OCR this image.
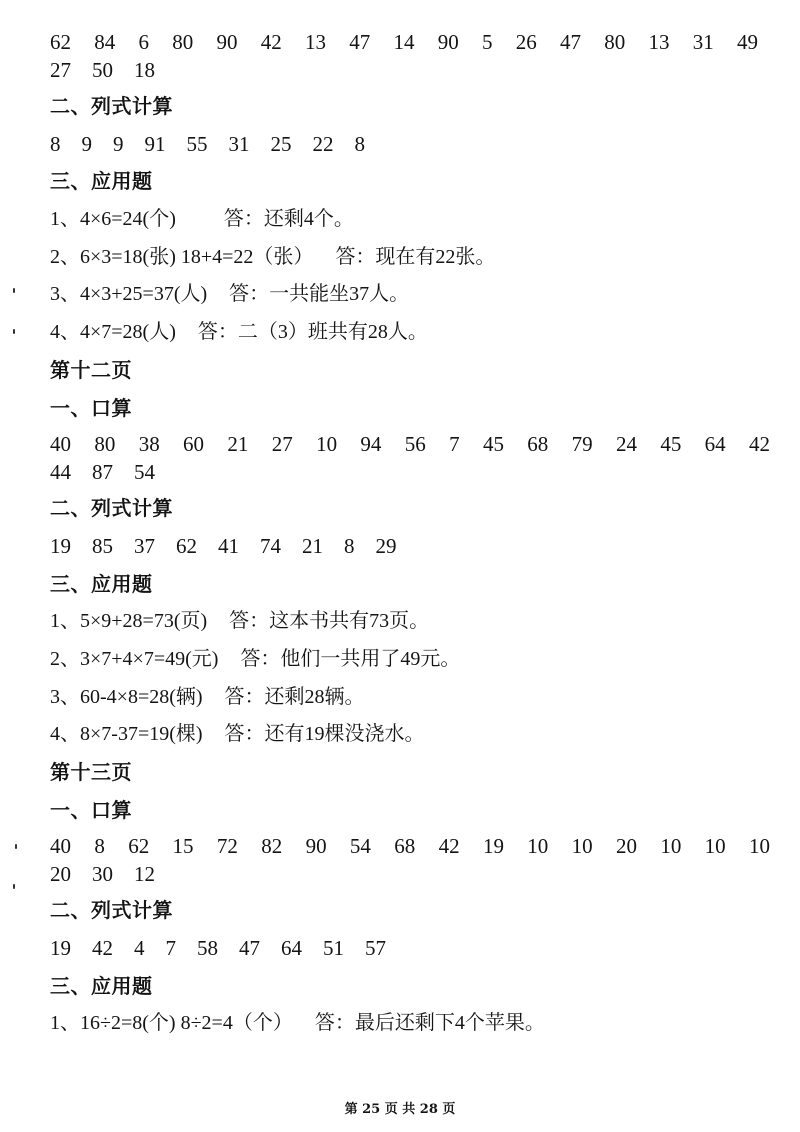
62 84 6 80 90 42 13 47 14 90 5 26 47 80 13 31 49
27 50 18
二、列式计算
8 9 9 91 55 31 25 22 8
三、应用题
1、4×6=24(个) 答：还剩4个。
2、6×3=18(张) 18+4=22（张） 答：现在有22张。
3、4×3+25=37(人) 答：一共能坐37人。
4、4×7=28(人) 答：二（3）班共有28人。
第十二页
一、口算
40 80 38 60 21 27 10 94 56 7 45 68 79 24 45 64 42
44 87 54
二、列式计算
19 85 37 62 41 74 21 8 29
三、应用题
1、5×9+28=73(页) 答：这本书共有73页。
2、3×7+4×7=49(元) 答：他们一共用了49元。
3、60-4×8=28(辆) 答：还剩28辆。
4、8×7-37=19(棵) 答：还有19棵没浇水。
第十三页
一、口算
40 8 62 15 72 82 90 54 68 42 19 10 10 20 10 10 10
20 30 12
二、列式计算
19 42 4 7 58 47 64 51 57
三、应用题
1、16÷2=8(个) 8÷2=4（个） 答：最后还剩下4个苹果。
第 25 页 共 28 页
